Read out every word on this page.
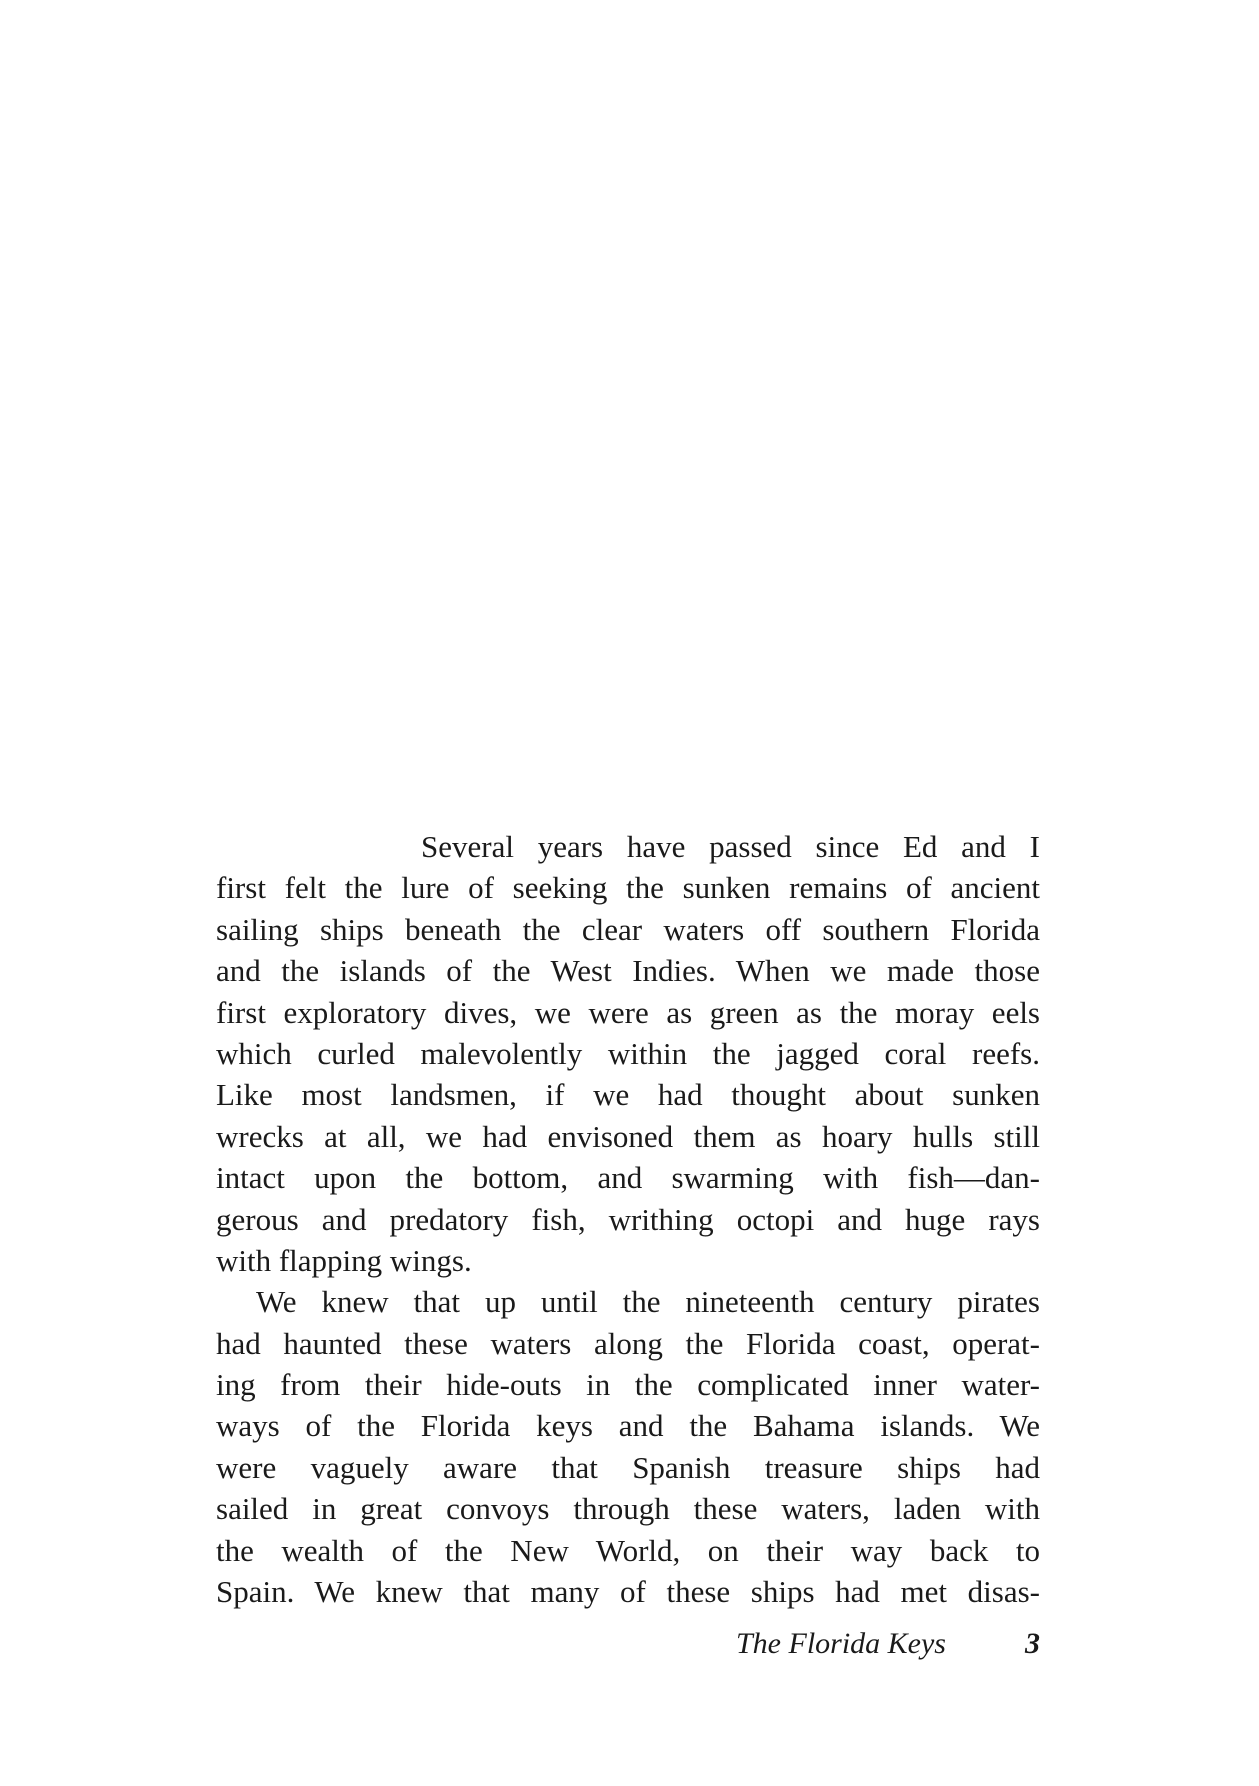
Several years have passed since Ed and I
first felt the lure of seeking the sunken remains of ancient
sailing ships beneath the clear waters off southern Florida
and the islands of the West Indies. When we made those
first exploratory dives, we were as green as the moray eels
which curled malevolently within the jagged coral reefs.
Like most landsmen, if we had thought about sunken
wrecks at all, we had envisoned them as hoary hulls still
intact upon the bottom, and swarming with fish—dan-
gerous and predatory fish, writhing octopi and huge rays
with flapping wings.

We knew that up until the nineteenth century pirates
had haunted these waters along the Florida coast, operat-
ing from their hide-outs in the complicated inner water-
ways of the Florida keys and the Bahama islands. We
were vaguely aware that Spanish treasure ships had
sailed in great convoys through these waters, laden with
the wealth of the New World, on their way back to
Spain. We knew that many of these ships had met disas-

The Florida Keys	3
